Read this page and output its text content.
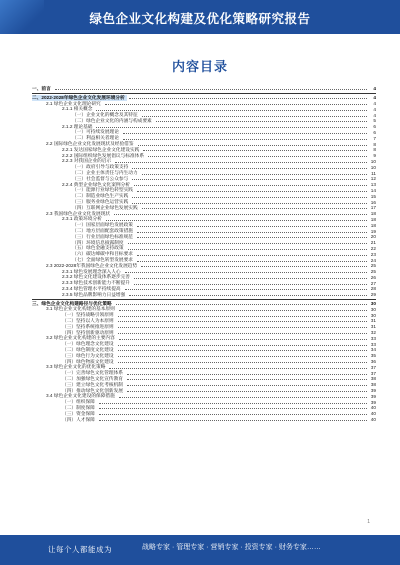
绿色企业文化构建及优化策略研究报告
内容目录
一、前言	4
二、2022-2028年绿色企业文化发展环境分析	4
2.1 绿色企业文化理论研究	4
2.1.1 相关概念	4
（一）企业文化的概念及其特征	4
（二）绿色企业文化的内涵与构成要素	5
2.1.2 理论基础	6
（一）可持续发展理论	6
（二）利益相关者理论	7
2.2 国际绿色企业文化发展现状及经验借鉴	8
2.2.1 发达国家绿色企业文化建设实践	8
2.2.2 国际组织绿色发展倡议与标准体系	9
2.2.3 对我国企业的启示	10
（一）政府引导与政策支持	10
（二）企业主体责任与内生动力	11
（三）社会监督与公众参与	12
2.2.4 典型企业绿色文化案例分析	13
（一）能源行业绿色转型实践	14
（二）制造业绿色生产实践	15
（三）服务业绿色运营实践	16
（四）互联网企业绿色发展实践	17
2.3 我国绿色企业文化发展现状	18
2.3.1 政策环境分析	18
（一）国家层面绿色发展政策	18
（二）地方层面配套政策措施	19
（三）行业层面绿色标准规范	20
（四）环境信息披露制度	21
（五）绿色金融支持政策	22
（六）碳达峰碳中和目标要求	23
（七）全面绿色转型发展要求	24
2.3 2022-2028年我国绿色企业文化发展趋势	25
2.3.1 绿色发展理念深入人心	25
2.3.2 绿色文化建设体系逐步完善	26
2.3.3 绿色技术创新能力不断提升	27
2.3.4 绿色管理水平持续提高	28
2.3.5 绿色品牌影响力日益增强	29
三、绿色企业文化构建路径与优化策略	30
3.1 绿色企业文化构建的基本原则	30
（一）坚持战略引领原则	30
（二）坚持以人为本原则	31
（三）坚持系统推进原则	31
（四）坚持创新驱动原则	32
3.2 绿色企业文化构建的主要内容	33
（一）绿色理念文化建设	33
（二）绿色制度文化建设	34
（三）绿色行为文化建设	35
（四）绿色物质文化建设	36
3.3 绿色企业文化的优化策略	37
（一）完善绿色文化管理体系	37
（二）加强绿色文化宣传教育	38
（三）建立绿色文化考核机制	38
（四）推动绿色文化创新发展	39
3.4 绿色企业文化建设的保障措施	39
（一）组织保障	39
（二）制度保障	40
（三）资金保障	40
（四）人才保障	40
1
让每个人都能成为	战略专家 · 管理专家 · 营销专家 · 投资专家 · 财务专家……
